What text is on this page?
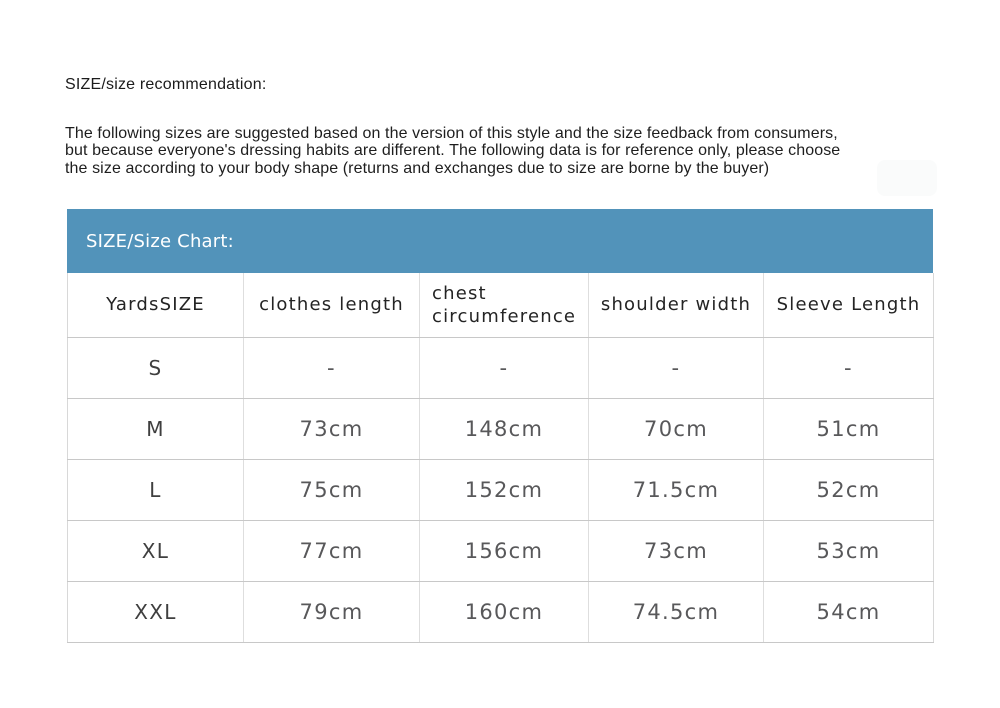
SIZE/size recommendation:
The following sizes are suggested based on the version of this style and the size feedback from consumers,
but because everyone's dressing habits are different. The following data is for reference only, please choose
the size according to your body shape (returns and exchanges due to size are borne by the buyer)
SIZE/Size Chart:
YardsSIZE	clothes length	chest circumference	shoulder width	Sleeve Length
S	-	-	-	-
M	73cm	148cm	70cm	51cm
L	75cm	152cm	71.5cm	52cm
XL	77cm	156cm	73cm	53cm
XXL	79cm	160cm	74.5cm	54cm
